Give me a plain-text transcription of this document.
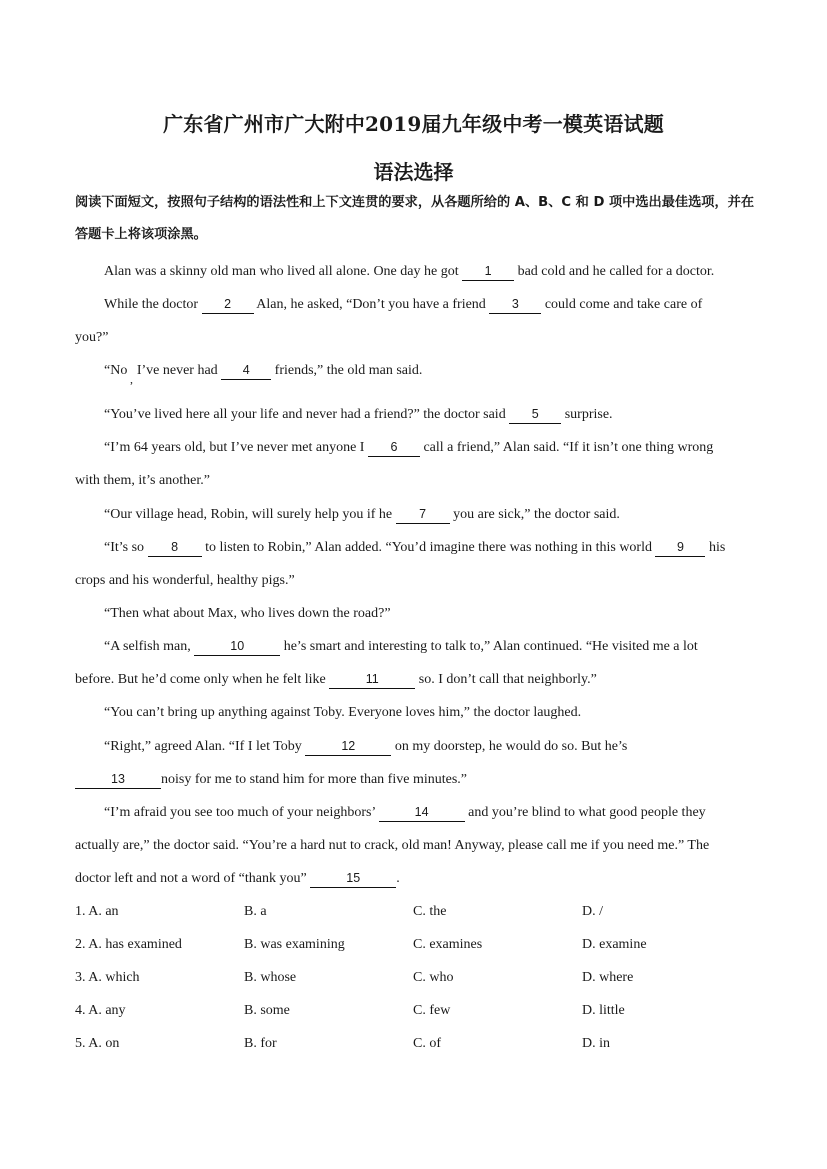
广东省广州市广大附中2019届九年级中考一模英语试题
语法选择
阅读下面短文，按照句子结构的语法性和上下文连贯的要求，从各题所给的 A、B、C 和 D 项中选出最佳选项，并在答题卡上将该项涂黑。
Alan was a skinny old man who lived all alone. One day he got 1 bad cold and he called for a doctor.
While the doctor 2 Alan, he asked, “Don’t you have a friend 3 could come and take care of
you?”
“No I’ve never had 4 friends,” the old man said.
,
“You’ve lived here all your life and never had a friend?” the doctor said 5 surprise.
“I’m 64 years old, but I’ve never met anyone I 6 call a friend,” Alan said. “If it isn’t one thing wrong
with them, it’s another.”
“Our village head, Robin, will surely help you if he 7 you are sick,” the doctor said.
“It’s so 8 to listen to Robin,” Alan added. “You’d imagine there was nothing in this world 9 his
crops and his wonderful, healthy pigs.”
“Then what about Max, who lives down the road?”
“A selfish man,	10	he’s smart and interesting to talk to,” Alan continued. “He visited me a lot
before. But he’d come only when he felt like	11	so. I don’t call that neighborly.”
“You can’t bring up anything against Toby. Everyone loves him,” the doctor laughed.
“Right,” agreed Alan. “If I let Toby	12	on my doorstep, he would do so. But he’s
13	noisy for me to stand him for more than five minutes.”
“I’m afraid you see too much of your neighbors’	14	and you’re blind to what good people they
actually are,” the doctor said. “You’re a hard nut to crack, old man! Anyway, please call me if you need me.” The
doctor left and not a word of “thank you”	15	.
1. A. an	B. a	C. the	D. /
2. A. has examined	B. was examining	C. examines	D. examine
3. A. which	B. whose	C. who	D. where
4. A. any	B. some	C. few	D. little
5. A. on	B. for	C. of	D. in
